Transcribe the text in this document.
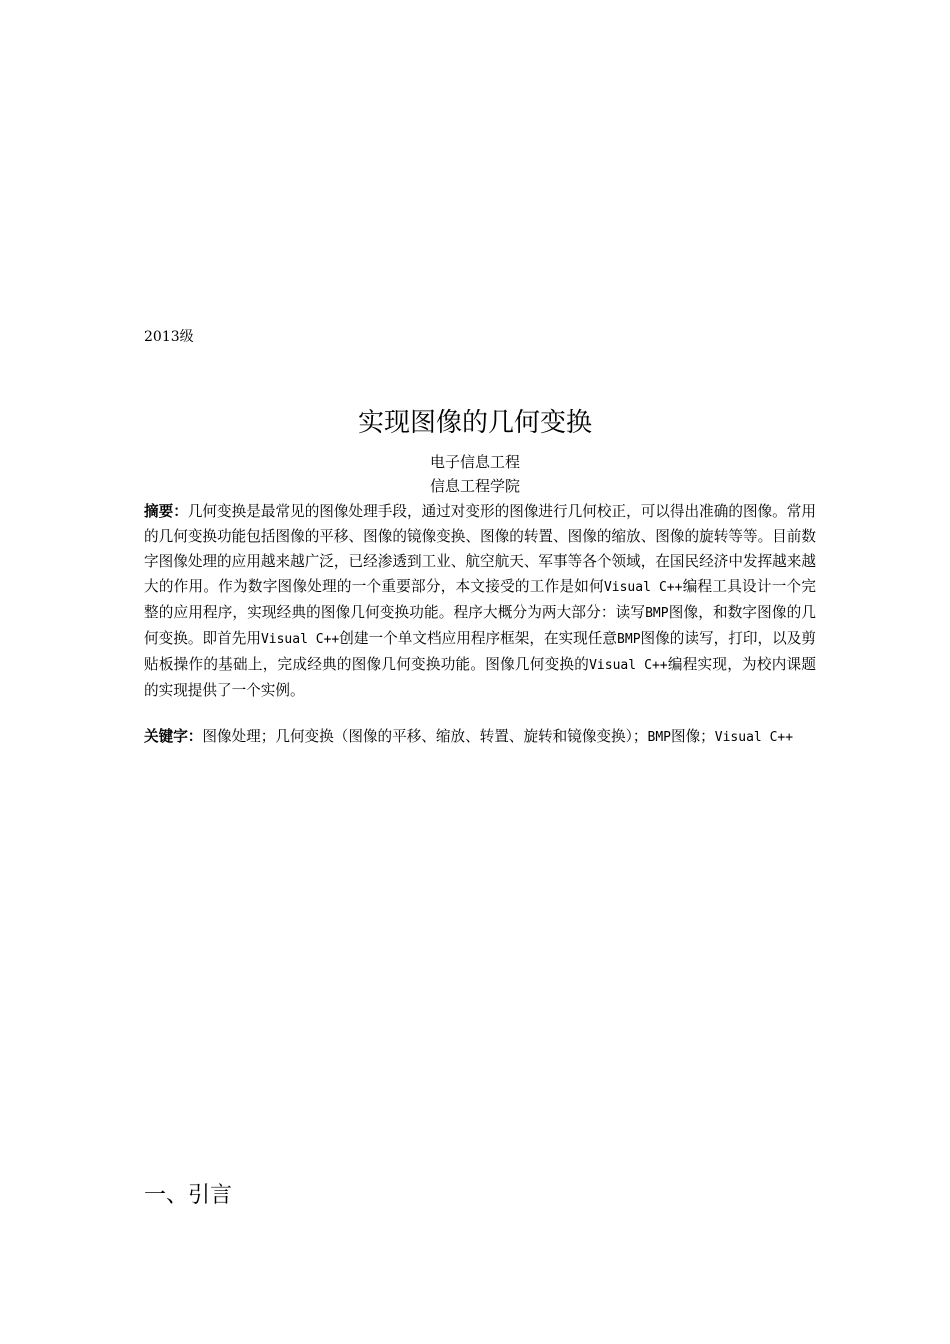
2013级
实现图像的几何变换
电子信息工程
信息工程学院
摘要：几何变换是最常见的图像处理手段，通过对变形的图像进行几何校正，可以得出准确的图像。常用的几何变换功能包括图像的平移、图像的镜像变换、图像的转置、图像的缩放、图像的旋转等等。目前数字图像处理的应用越来越广泛，已经渗透到工业、航空航天、军事等各个领域，在国民经济中发挥越来越大的作用。作为数字图像处理的一个重要部分，本文接受的工作是如何Visual C++编程工具设计一个完整的应用程序，实现经典的图像几何变换功能。程序大概分为两大部分：读写BMP图像，和数字图像的几何变换。即首先用Visual C++创建一个单文档应用程序框架，在实现任意BMP图像的读写，打印，以及剪贴板操作的基础上，完成经典的图像几何变换功能。图像几何变换的Visual C++编程实现，为校内课题的实现提供了一个实例。
关键字：图像处理；几何变换（图像的平移、缩放、转置、旋转和镜像变换）；BMP图像；Visual C++
一、引言
